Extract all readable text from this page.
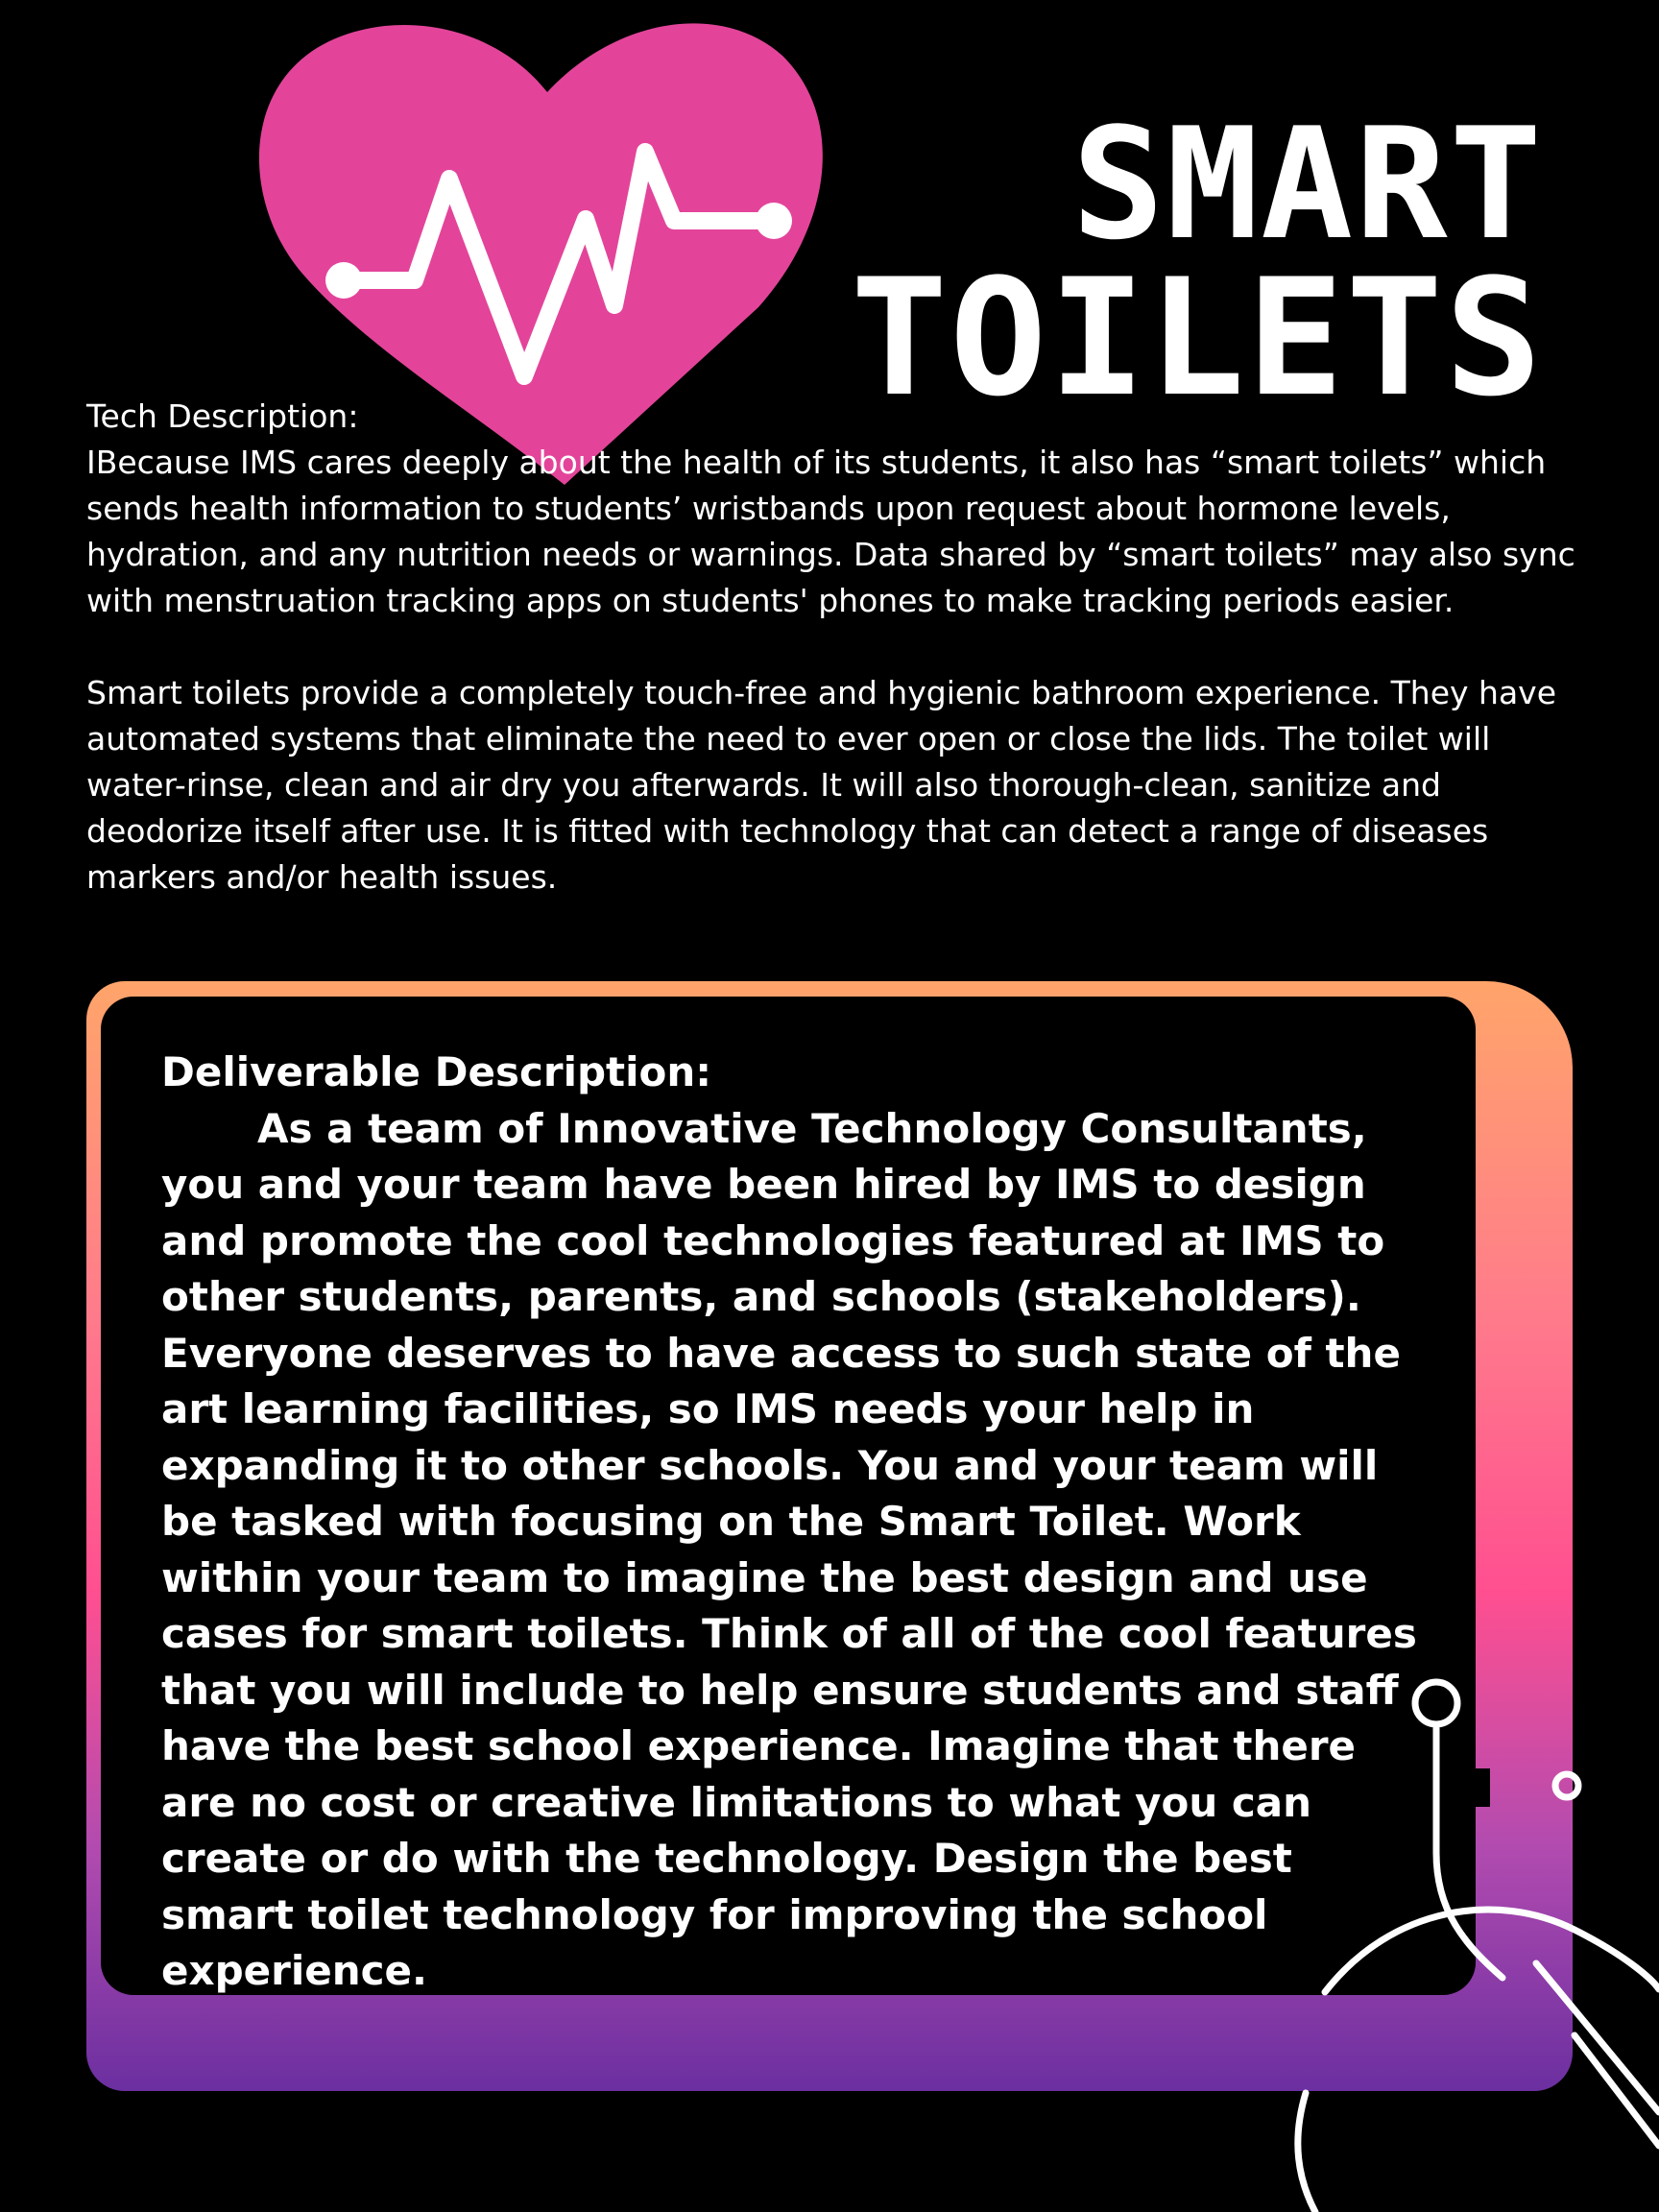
SMART
TOILETS

Tech Description:

IBecause IMS cares deeply about the health of its students, it also has “smart toilets” which sends health information to students’ wristbands upon request about hormone levels, hydration, and any nutrition needs or warnings. Data shared by “smart toilets” may also sync with menstruation tracking apps on students' phones to make tracking periods easier.

Smart toilets provide a completely touch-free and hygienic bathroom experience. They have automated systems that eliminate the need to ever open or close the lids. The toilet will water-rinse, clean and air dry you afterwards. It will also thorough-clean, sanitize and deodorize itself after use. It is fitted with technology that can detect a range of diseases markers and/or health issues.

Deliverable Description:

As a team of Innovative Technology Consultants, you and your team have been hired by IMS to design and promote the cool technologies featured at IMS to other students, parents, and schools (stakeholders). Everyone deserves to have access to such state of the art learning facilities, so IMS needs your help in expanding it to other schools. You and your team will be tasked with focusing on the Smart Toilet. Work within your team to imagine the best design and use cases for smart toilets. Think of all of the cool features that you will include to help ensure students and staff have the best school experience. Imagine that there are no cost or creative limitations to what you can create or do with the technology. Design the best smart toilet technology for improving the school experience.
